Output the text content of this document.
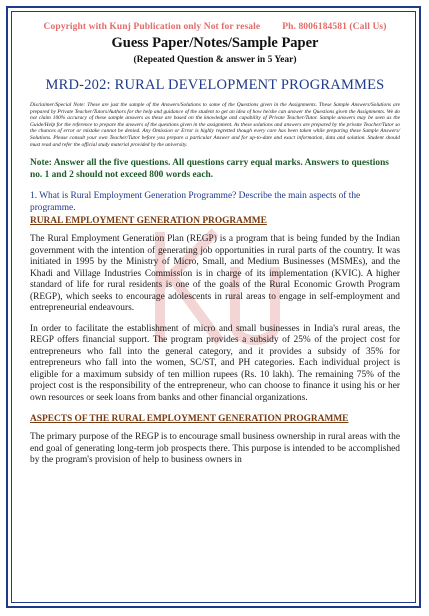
Copyright with Kunj Publication only Not for resale Ph. 8006184581 (Call Us)
Guess Paper/Notes/Sample Paper
(Repeated Question & answer in 5 Year)
MRD-202: RURAL DEVELOPMENT PROGRAMMES
Disclaimer/Special Note: These are just the sample of the Answers/Solutions to some of the Questions given in the Assignments. These Sample Answers/Solutions are prepared by Private Teacher/Tutors/Authors for the help and guidance of the student to get an idea of how he/she can answer the Questions given the Assignments. We do not claim 100% accuracy of these sample answers as these are based on the knowledge and capability of Private Teacher/Tutor. Sample answers may be seen as the Guide/Help for the reference to prepare the answers of the questions given in the assignment. As these solutions and answers are prepared by the private Teacher/Tutor so the chances of error or mistake cannot be denied. Any Omission or Error is highly regretted though every care has been taken while preparing these Sample Answers/ Solutions. Please consult your own Teacher/Tutor before you prepare a particular Answer and for up-to-date and exact information, data and solution. Student should must read and refer the official study material provided by the university.
Note: Answer all the five questions. All questions carry equal marks. Answers to questions no. 1 and 2 should not exceed 800 words each.
1. What is Rural Employment Generation Programme? Describe the main aspects of the programme.
RURAL EMPLOYMENT GENERATION PROGRAMME

The Rural Employment Generation Plan (REGP) is a program that is being funded by the Indian government with the intention of generating job opportunities in rural parts of the country. It was initiated in 1995 by the Ministry of Micro, Small, and Medium Businesses (MSMEs), and the Khadi and Village Industries Commission is in charge of its implementation (KVIC). A higher standard of life for rural residents is one of the goals of the Rural Economic Growth Program (REGP), which seeks to encourage adolescents in rural areas to engage in self-employment and entrepreneurial endeavours.

In order to facilitate the establishment of micro and small businesses in India's rural areas, the REGP offers financial support. The program provides a subsidy of 25% of the project cost for entrepreneurs who fall into the general category, and it provides a subsidy of 35% for entrepreneurs who fall into the women, SC/ST, and PH categories. Each individual project is eligible for a maximum subsidy of ten million rupees (Rs. 10 lakh). The remaining 75% of the project cost is the responsibility of the entrepreneur, who can choose to finance it using his or her own resources or seek loans from banks and other financial organizations.

ASPECTS OF THE RURAL EMPLOYMENT GENERATION PROGRAMME

The primary purpose of the REGP is to encourage small business ownership in rural areas with the end goal of generating long-term job prospects there. This purpose is intended to be accomplished by the program's provision of help to business owners in
